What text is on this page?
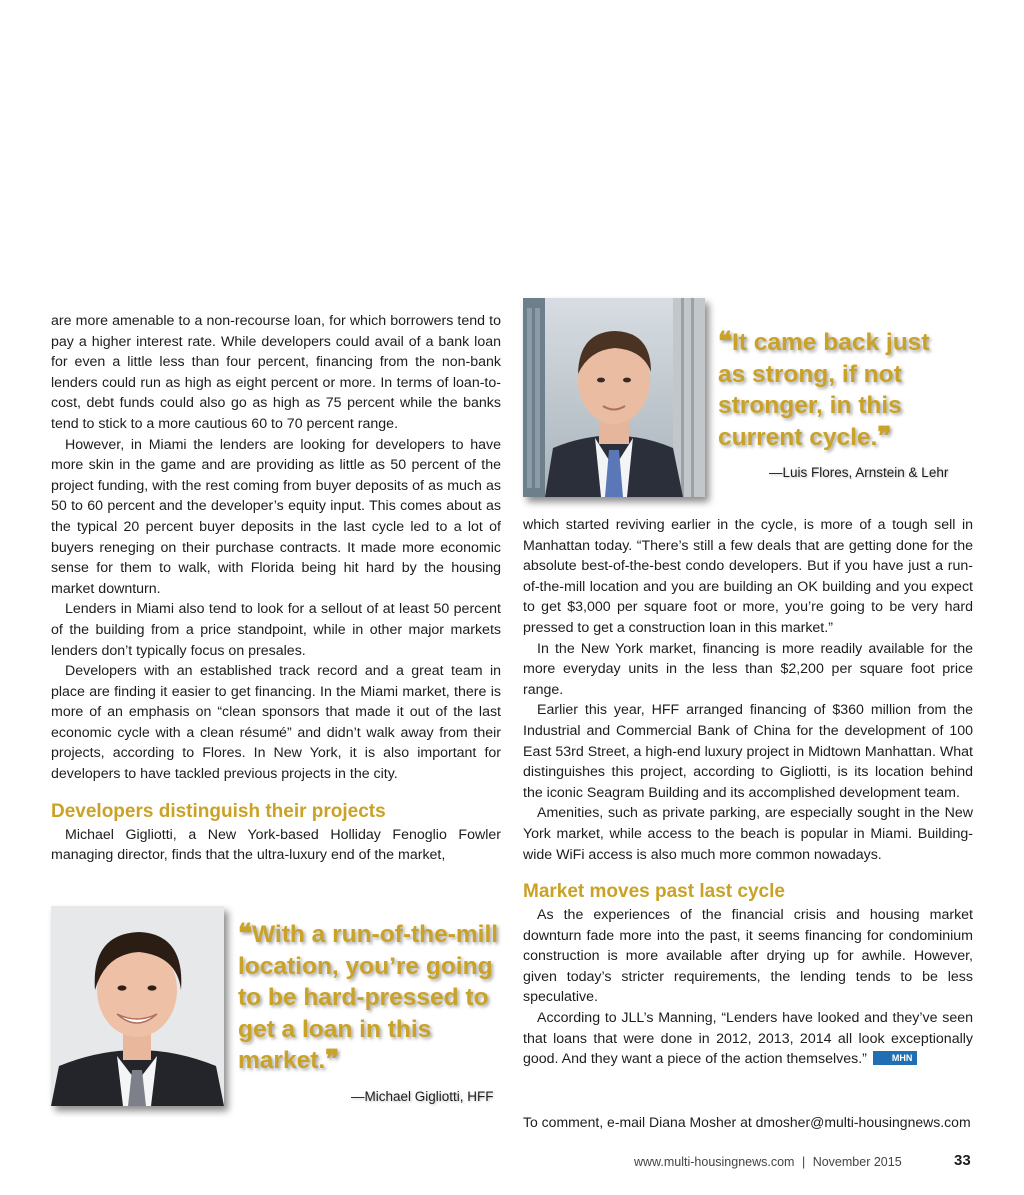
are more amenable to a non-recourse loan, for which borrowers tend to pay a higher interest rate. While developers could avail of a bank loan for even a little less than four percent, financing from the non-bank lenders could run as high as eight percent or more. In terms of loan-to-cost, debt funds could also go as high as 75 percent while the banks tend to stick to a more cautious 60 to 70 percent range.

However, in Miami the lenders are looking for developers to have more skin in the game and are providing as little as 50 percent of the project funding, with the rest coming from buyer deposits of as much as 50 to 60 percent and the developer’s equity input. This comes about as the typical 20 percent buyer deposits in the last cycle led to a lot of buyers reneging on their purchase contracts. It made more economic sense for them to walk, with Florida being hit hard by the housing market downturn.

Lenders in Miami also tend to look for a sellout of at least 50 percent of the building from a price standpoint, while in other major markets lenders don’t typically focus on presales.

Developers with an established track record and a great team in place are finding it easier to get financing. In the Miami market, there is more of an emphasis on “clean sponsors that made it out of the last economic cycle with a clean résumé” and didn’t walk away from their projects, according to Flores. In New York, it is also important for developers to have tackled previous projects in the city.

Developers distinguish their projects

Michael Gigliotti, a New York-based Holliday Fenoglio Fowler managing director, finds that the ultra-luxury end of the market,

❝It came back just as strong, if not stronger, in this current cycle.❞
—Luis Flores, Arnstein & Lehr

which started reviving earlier in the cycle, is more of a tough sell in Manhattan today. “There’s still a few deals that are getting done for the absolute best-of-the-best condo developers. But if you have just a run-of-the-mill location and you are building an OK building and you expect to get $3,000 per square foot or more, you’re going to be very hard pressed to get a construction loan in this market.”

In the New York market, financing is more readily available for the more everyday units in the less than $2,200 per square foot price range.

Earlier this year, HFF arranged financing of $360 million from the Industrial and Commercial Bank of China for the development of 100 East 53rd Street, a high-end luxury project in Midtown Manhattan. What distinguishes this project, according to Gigliotti, is its location behind the iconic Seagram Building and its accomplished development team.

Amenities, such as private parking, are especially sought in the New York market, while access to the beach is popular in Miami. Building-wide WiFi access is also much more common nowadays.

Market moves past last cycle

As the experiences of the financial crisis and housing market downturn fade more into the past, it seems financing for condominium construction is more available after drying up for awhile. However, given today’s stricter requirements, the lending tends to be less speculative.

According to JLL’s Manning, “Lenders have looked and they’ve seen that loans that were done in 2012, 2013, 2014 all look exceptionally good. And they want a piece of the action themselves.”	MHN

To comment, e-mail Diana Mosher at dmosher@multi-housingnews.com
❝With a run-of-the-mill location, you’re going to be hard-pressed to get a loan in this market.❞
—Michael Gigliotti, HFF
www.multi-housingnews.com | November 2015	33
